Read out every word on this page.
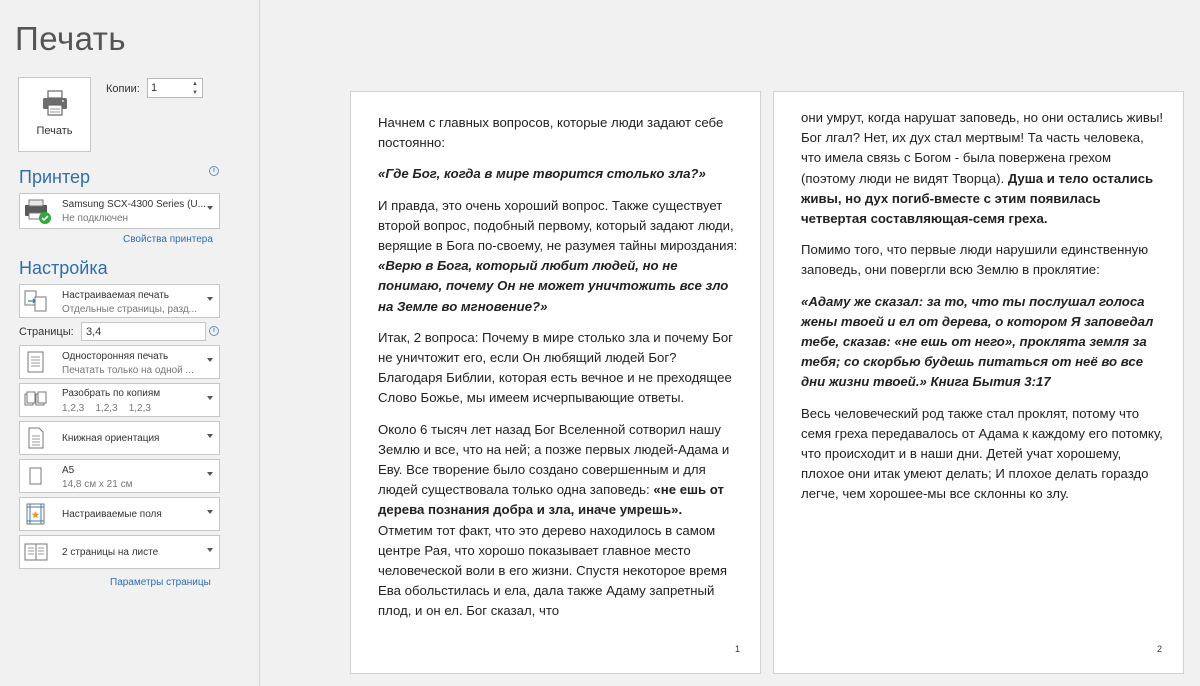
Печать
Печать
Копии:
1	▲
▼
Принтер	i
Samsung SCX-4300 Series (U...
Не подключен
Свойства принтера
Настройка
Настраиваемая печать
Отдельные страницы, разд...
Страницы:
3,4	i
Односторонняя печать
Печатать только на одной ...
Разобрать по копиям
1,2,3    1,2,3    1,2,3
Книжная ориентация
A5
14,8 см x 21 см
Настраиваемые поля
2 страницы на листе
Параметры страницы

Начнем с главных вопросов, которые люди задают себе постоянно:

«Где Бог, когда в мире творится столько зла?»

И правда, это очень хороший вопрос. Также существует второй вопрос, подобный первому, который задают люди, верящие в Бога по-своему, не разумея тайны мироздания: «Верю в Бога, который любит людей, но не понимаю, почему Он не может уничтожить все зло на Земле во мгновение?»

Итак, 2 вопроса: Почему в мире столько зла и почему Бог не уничтожит его, если Он любящий людей Бог? Благодаря Библии, которая есть вечное и не преходящее Слово Божье, мы имеем исчерпывающие ответы.

Около 6 тысяч лет назад Бог Вселенной сотворил нашу Землю и все, что на ней; а позже первых людей-Адама и Еву. Все творение было создано совершенным и для людей существовала только одна заповедь: «не ешь от дерева познания добра и зла, иначе умрешь». Отметим тот факт, что это дерево находилось в самом центре Рая, что хорошо показывает главное место человеческой воли в его жизни. Спустя некоторое время Ева обольстилась и ела, дала также Адаму запретный плод, и он ел. Бог сказал, что

1

они умрут, когда нарушат заповедь, но они остались живы! Бог лгал? Нет, их дух стал мертвым! Та часть человека, что имела связь с Богом - была повержена грехом (поэтому люди не видят Творца). Душа и тело остались живы, но дух погиб-вместе с этим появилась четвертая составляющая-семя греха.

Помимо того, что первые люди нарушили единственную заповедь, они повергли всю Землю в проклятие:

«Адаму же сказал: за то, что ты послушал голоса жены твоей и ел от дерева, о котором Я заповедал тебе, сказав: «не ешь от него», проклята земля за тебя; со скорбью будешь питаться от неё во все дни жизни твоей.» Книга Бытия 3:17

Весь человеческий род также стал проклят, потому что семя греха передавалось от Адама к каждому его потомку, что происходит и в наши дни. Детей учат хорошему, плохое они итак умеют делать; И плохое делать гораздо легче, чем хорошее-мы все склонны ко злу.

2
